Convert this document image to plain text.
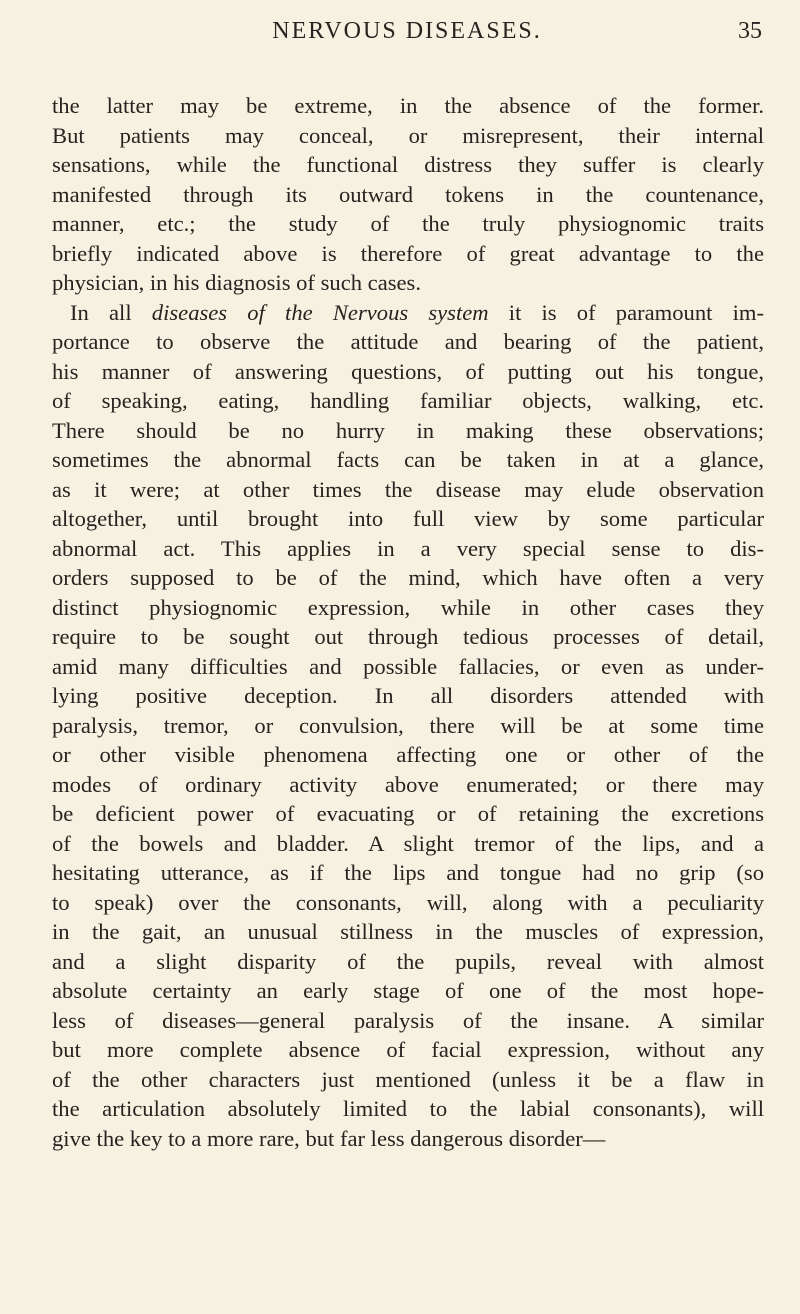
NERVOUS DISEASES.	35
the latter may be extreme, in the absence of the former.
But patients may conceal, or misrepresent, their internal
sensations, while the functional distress they suffer is clearly
manifested through its outward tokens in the countenance,
manner, etc.; the study of the truly physiognomic traits
briefly indicated above is therefore of great advantage to the
physician, in his diagnosis of such cases.
In all diseases of the Nervous system it is of paramount im-
portance to observe the attitude and bearing of the patient,
his manner of answering questions, of putting out his tongue,
of speaking, eating, handling familiar objects, walking, etc.
There should be no hurry in making these observations;
sometimes the abnormal facts can be taken in at a glance,
as it were; at other times the disease may elude observation
altogether, until brought into full view by some particular
abnormal act. This applies in a very special sense to dis-
orders supposed to be of the mind, which have often a very
distinct physiognomic expression, while in other cases they
require to be sought out through tedious processes of detail,
amid many difficulties and possible fallacies, or even as under-
lying positive deception. In all disorders attended with
paralysis, tremor, or convulsion, there will be at some time
or other visible phenomena affecting one or other of the
modes of ordinary activity above enumerated; or there may
be deficient power of evacuating or of retaining the excretions
of the bowels and bladder. A slight tremor of the lips, and a
hesitating utterance, as if the lips and tongue had no grip (so
to speak) over the consonants, will, along with a peculiarity
in the gait, an unusual stillness in the muscles of expression,
and a slight disparity of the pupils, reveal with almost
absolute certainty an early stage of one of the most hope-
less of diseases—general paralysis of the insane. A similar
but more complete absence of facial expression, without any
of the other characters just mentioned (unless it be a flaw in
the articulation absolutely limited to the labial consonants), will
give the key to a more rare, but far less dangerous disorder—
